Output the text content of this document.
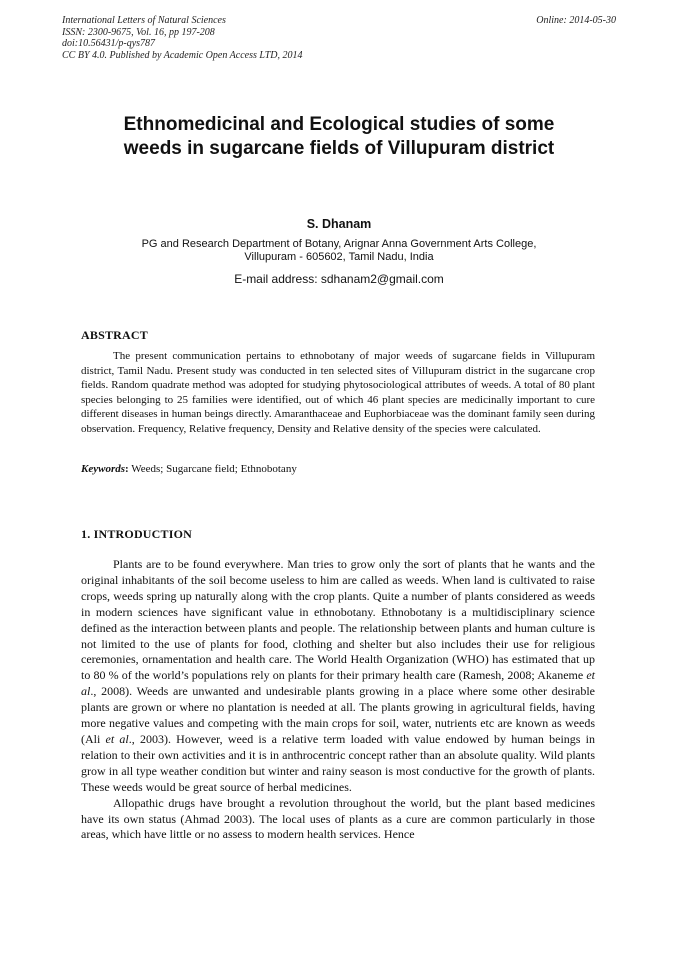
International Letters of Natural Sciences
ISSN: 2300-9675, Vol. 16, pp 197-208
doi:10.56431/p-qys787
CC BY 4.0. Published by Academic Open Access LTD, 2014
Online: 2014-05-30
Ethnomedicinal and Ecological studies of some
weeds in sugarcane fields of Villupuram district
S. Dhanam
PG and Research Department of Botany, Arignar Anna Government Arts College,
Villupuram - 605602, Tamil Nadu, India
E-mail address: sdhanam2@gmail.com
ABSTRACT
The present communication pertains to ethnobotany of major weeds of sugarcane fields in Villupuram district, Tamil Nadu. Present study was conducted in ten selected sites of Villupuram district in the sugarcane crop fields. Random quadrate method was adopted for studying phytosociological attributes of weeds. A total of 80 plant species belonging to 25 families were identified, out of which 46 plant species are medicinally important to cure different diseases in human beings directly. Amaranthaceae and Euphorbiaceae was the dominant family seen during observation. Frequency, Relative frequency, Density and Relative density of the species were calculated.
Keywords: Weeds; Sugarcane field; Ethnobotany
1. INTRODUCTION

Plants are to be found everywhere. Man tries to grow only the sort of plants that he wants and the original inhabitants of the soil become useless to him are called as weeds. When land is cultivated to raise crops, weeds spring up naturally along with the crop plants. Quite a number of plants considered as weeds in modern sciences have significant value in ethnobotany. Ethnobotany is a multidisciplinary science defined as the interaction between plants and people. The relationship between plants and human culture is not limited to the use of plants for food, clothing and shelter but also includes their use for religious ceremonies, ornamentation and health care. The World Health Organization (WHO) has estimated that up to 80 % of the world’s populations rely on plants for their primary health care (Ramesh, 2008; Akaneme et al., 2008). Weeds are unwanted and undesirable plants growing in a place where some other desirable plants are grown or where no plantation is needed at all. The plants growing in agricultural fields, having more negative values and competing with the main crops for soil, water, nutrients etc are known as weeds (Ali et al., 2003). However, weed is a relative term loaded with value endowed by human beings in relation to their own activities and it is in anthrocentric concept rather than an absolute quality. Wild plants grow in all type weather condition but winter and rainy season is most conductive for the growth of plants. These weeds would be great source of herbal medicines.

Allopathic drugs have brought a revolution throughout the world, but the plant based medicines have its own status (Ahmad 2003). The local uses of plants as a cure are common particularly in those areas, which have little or no assess to modern health services. Hence
